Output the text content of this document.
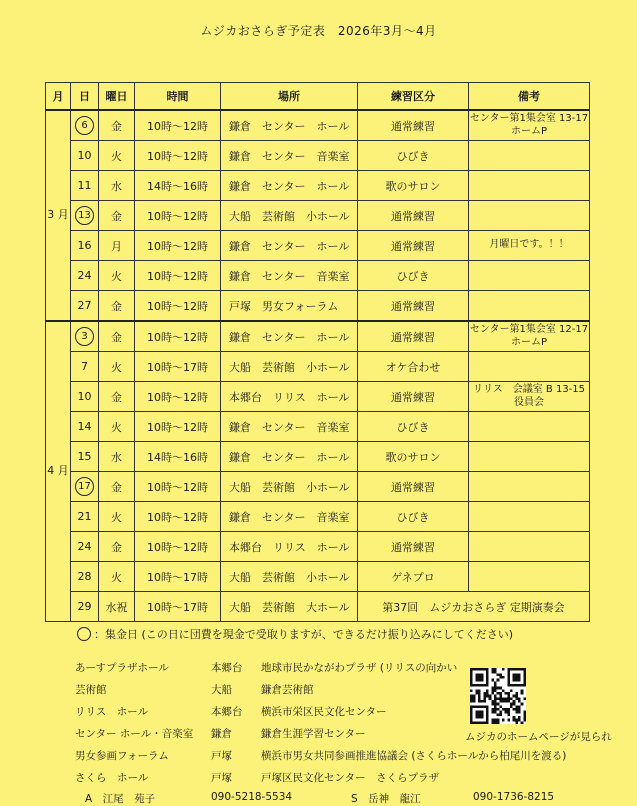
ムジカおさらぎ予定表　2026年3月～4月
月	日	曜日	時間	場所	練習区分	備考
3 月	6	金	10時～12時	鎌倉　センター　ホール	通常練習	センター第1集会室 13-17 ホームP
	10	火	10時～12時	鎌倉　センター　音楽室	ひびき	
	11	水	14時～16時	鎌倉　センター　ホール	歌のサロン	
	13	金	10時～12時	大船　芸術館　小ホール	通常練習	
	16	月	10時～12時	鎌倉　センター　ホール	通常練習	月曜日です。！！
	24	火	10時～12時	鎌倉　センター　音楽室	ひびき	
	27	金	10時～12時	戸塚　男女フォーラム	通常練習	
4 月	3	金	10時～12時	鎌倉　センター　ホール	通常練習	センター第1集会室 12-17 ホームP
	7	火	10時～17時	大船　芸術館　小ホール	オケ合わせ	
	10	金	10時～12時	本郷台　リリス　ホール	通常練習	リリス　会議室 B 13-15 役員会
	14	火	10時～12時	鎌倉　センター　音楽室	ひびき	
	15	水	14時～16時	鎌倉　センター　ホール	歌のサロン	
	17	金	10時～12時	大船　芸術館　小ホール	通常練習	
	21	火	10時～12時	鎌倉　センター　音楽室	ひびき	
	24	金	10時～12時	本郷台　リリス　ホール	通常練習	
	28	火	10時～17時	大船　芸術館　小ホール	ゲネプロ	
	29	水祝	10時～17時	大船　芸術館　大ホール	第37回　ムジカおさらぎ 定期演奏会	
：集金日 (この日に団費を現金で受取りますが、できるだけ振り込みにしてください)
あーすプラザホール	本郷台 地球市民かながわプラザ (リリスの向かい
芸術館	大船	鎌倉芸術館
リリス　ホール	本郷台 横浜市栄区民文化センター
センター ホール・音楽室 鎌倉	鎌倉生涯学習センター
男女参画フォーラム	戸塚	横浜市男女共同参画推進協議会 (さくらホールから柏尾川を渡る)
さくら　ホール	戸塚	戸塚区民文化センター　さくらプラザ
ムジカのホームページが見られ
A　江尾　苑子	090-5218-5534	S　岳神　龍江	090-1736-8215
